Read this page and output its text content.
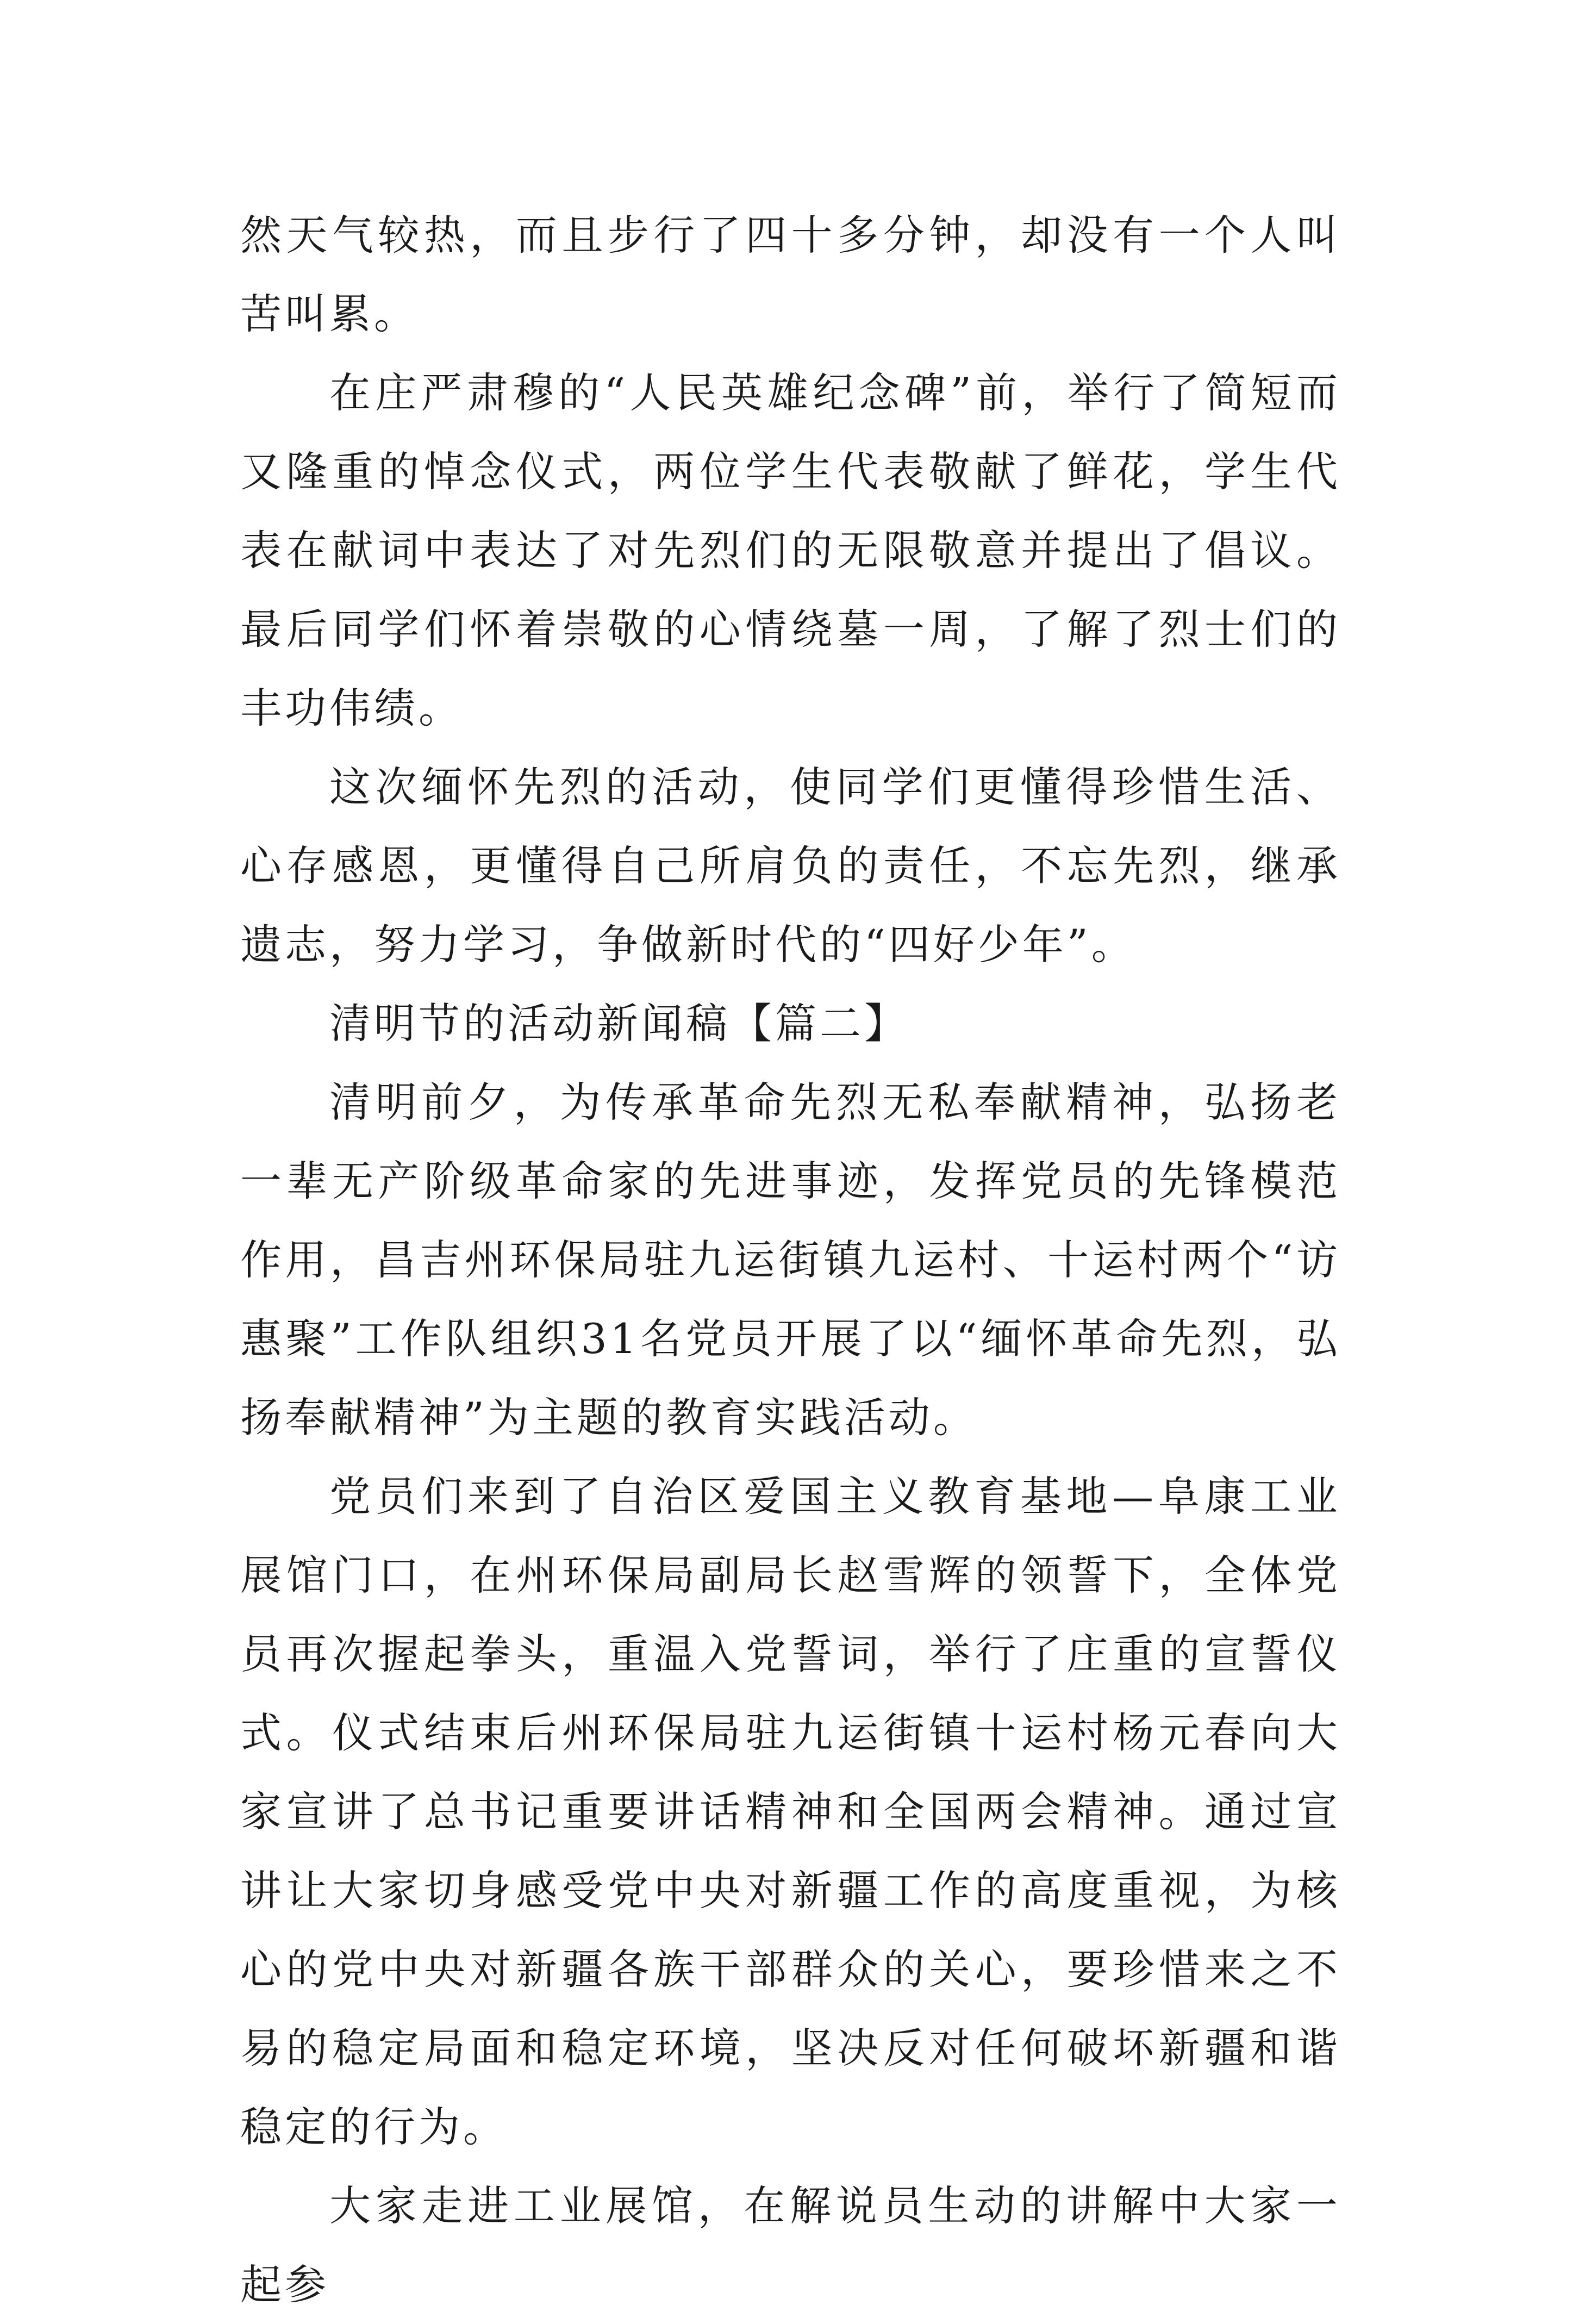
然天气较热，而且步行了四十多分钟，却没有一个人叫苦叫累。

在庄严肃穆的“人民英雄纪念碑”前，举行了简短而又隆重的悼念仪式，两位学生代表敬献了鲜花，学生代表在献词中表达了对先烈们的无限敬意并提出了倡议。最后同学们怀着崇敬的心情绕墓一周，了解了烈士们的丰功伟绩。

这次缅怀先烈的活动，使同学们更懂得珍惜生活、心存感恩，更懂得自己所肩负的责任，不忘先烈，继承遗志，努力学习，争做新时代的“四好少年”。

清明节的活动新闻稿【篇二】

清明前夕，为传承革命先烈无私奉献精神，弘扬老一辈无产阶级革命家的先进事迹，发挥党员的先锋模范作用，昌吉州环保局驻九运街镇九运村、十运村两个“访惠聚”工作队组织31名党员开展了以“缅怀革命先烈，弘扬奉献精神”为主题的教育实践活动。

党员们来到了自治区爱国主义教育基地—阜康工业展馆门口，在州环保局副局长赵雪辉的领誓下，全体党员再次握起拳头，重温入党誓词，举行了庄重的宣誓仪式。仪式结束后州环保局驻九运街镇十运村杨元春向大家宣讲了总书记重要讲话精神和全国两会精神。通过宣讲让大家切身感受党中央对新疆工作的高度重视，为核心的党中央对新疆各族干部群众的关心，要珍惜来之不易的稳定局面和稳定环境，坚决反对任何破坏新疆和谐稳定的行为。

大家走进工业展馆，在解说员生动的讲解中大家一起参
